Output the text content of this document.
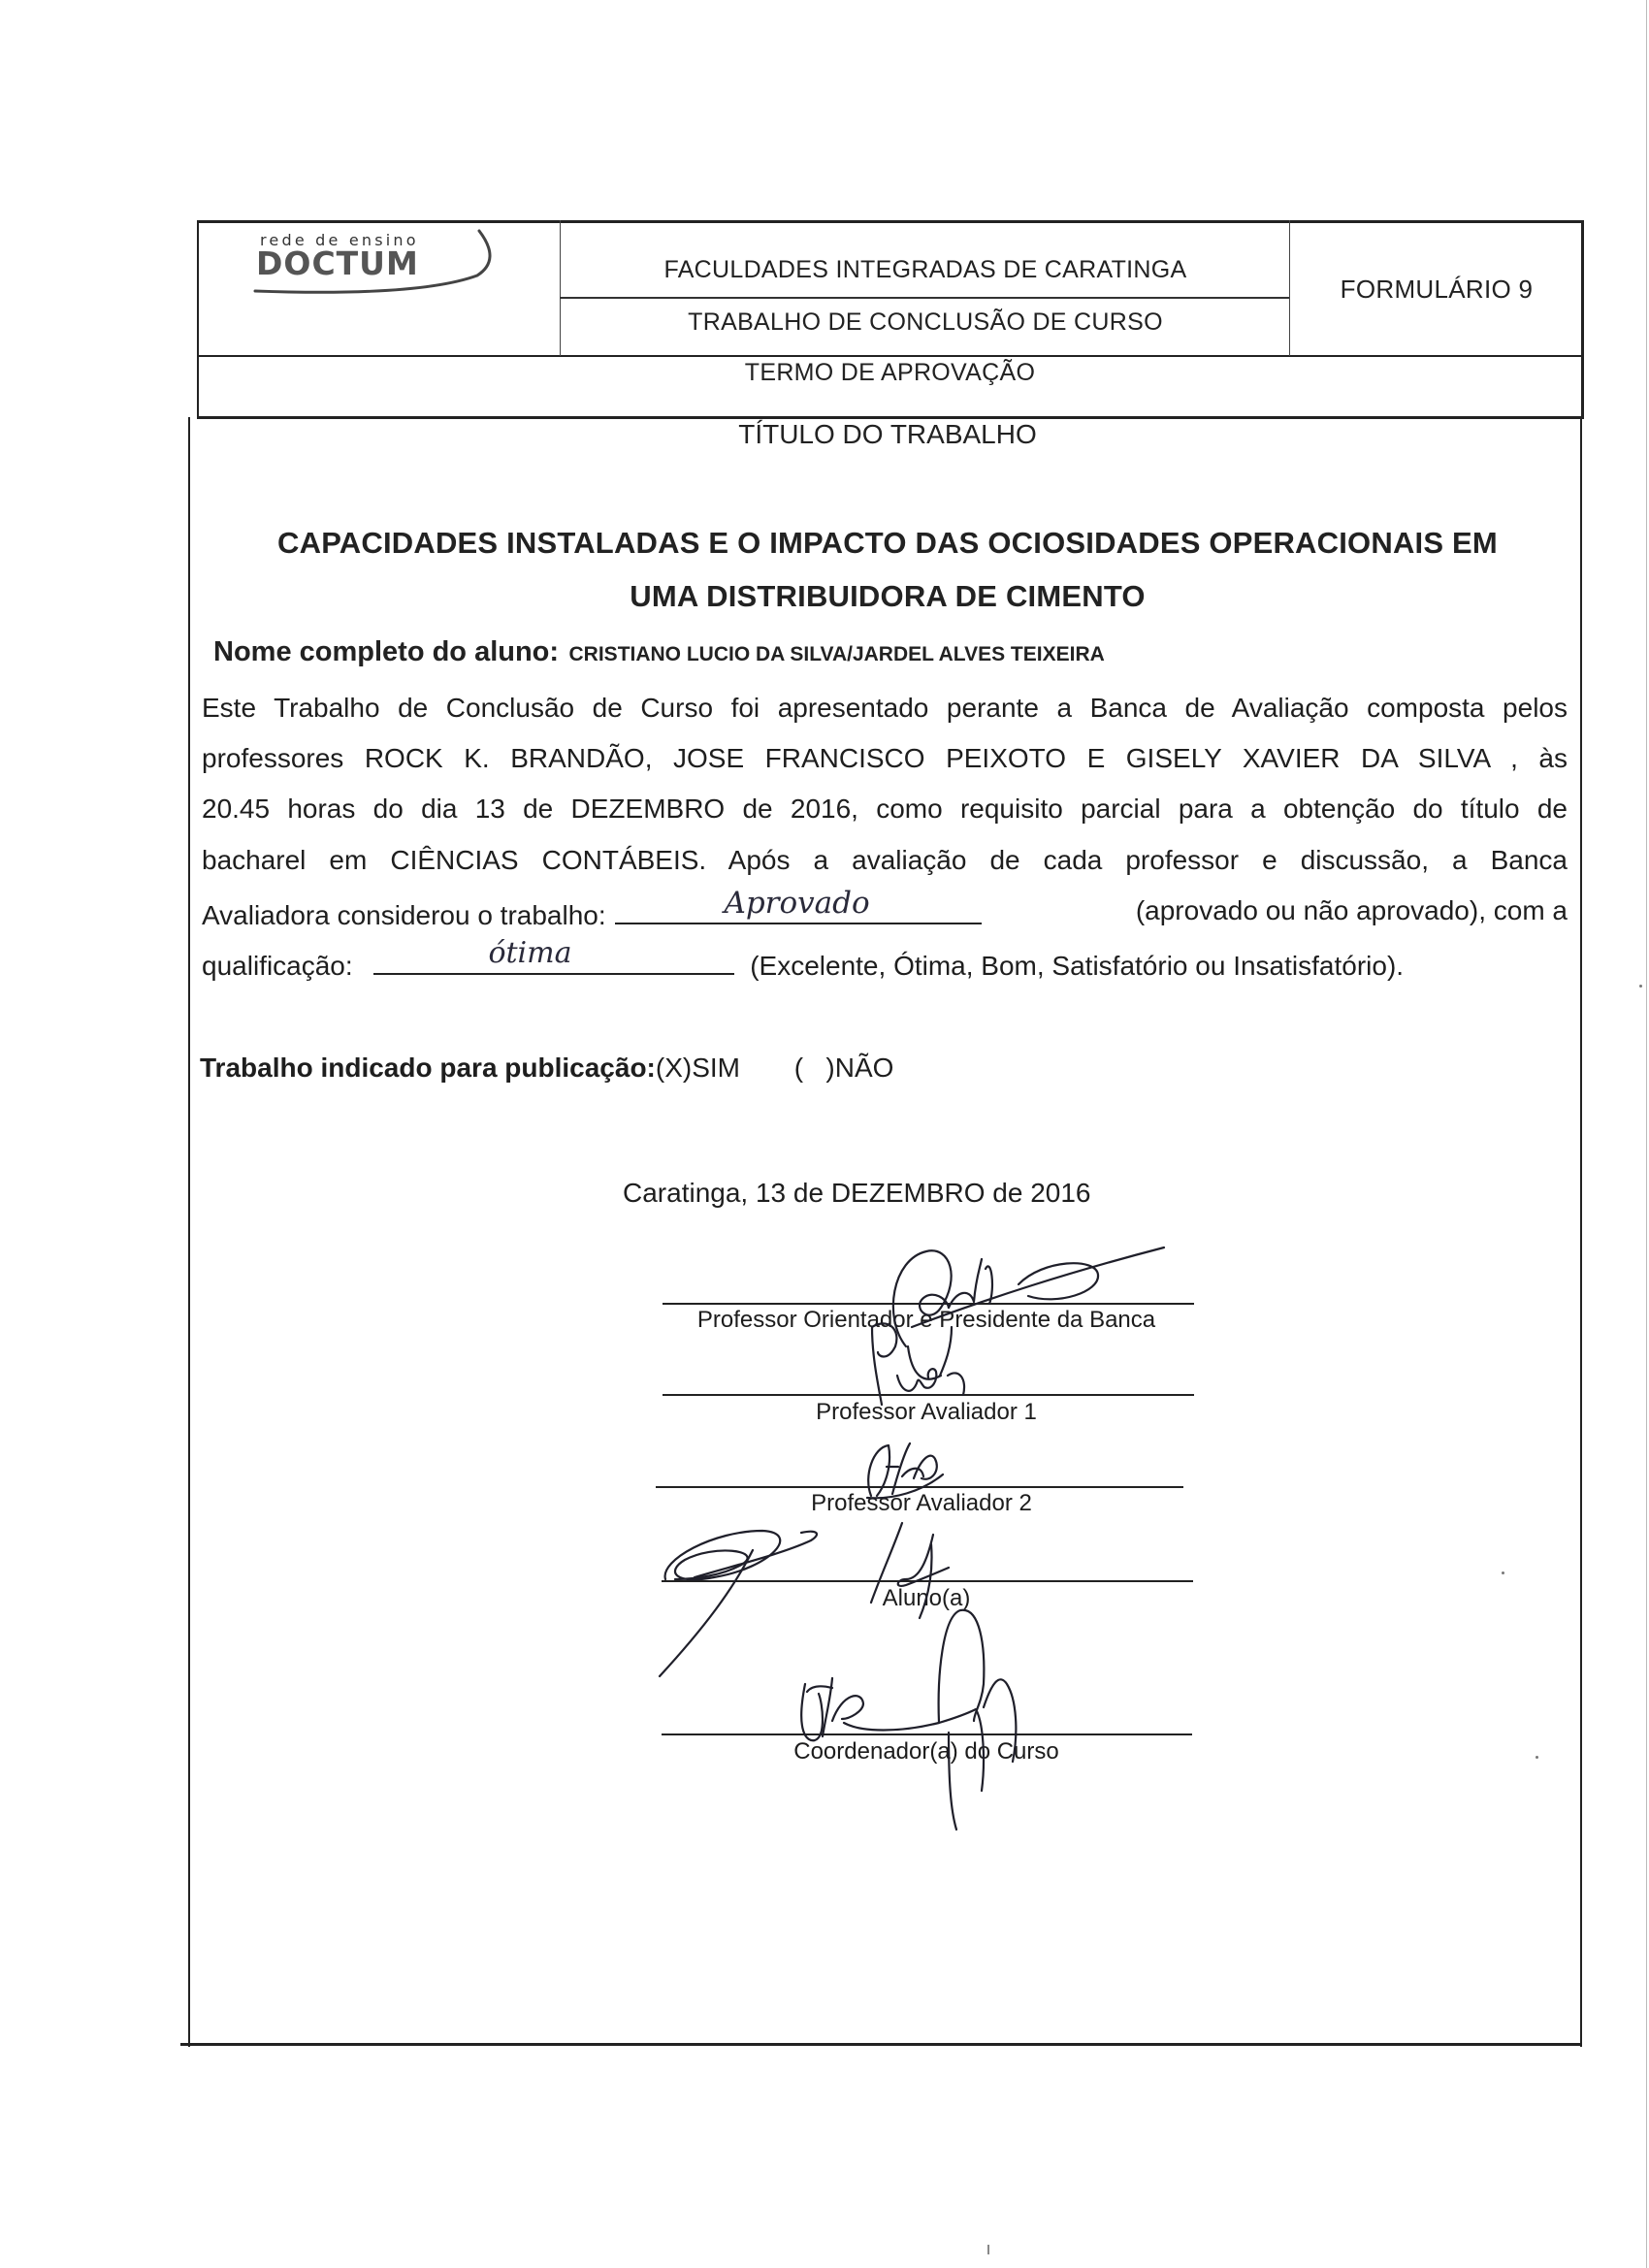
rede de ensino
DOCTUM	FACULDADES INTEGRADAS DE CARATINGA
TRABALHO DE CONCLUSÃO DE CURSO
FORMULÁRIO 9
TERMO DE APROVAÇÃO
TÍTULO DO TRABALHO
CAPACIDADES INSTALADAS E O IMPACTO DAS OCIOSIDADES OPERACIONAIS EM
UMA DISTRIBUIDORA DE CIMENTO
Nome completo do aluno: CRISTIANO LUCIO DA SILVA/JARDEL ALVES TEIXEIRA
Este Trabalho de Conclusão de Curso foi apresentado perante a Banca de Avaliação composta pelos
professores ROCK K. BRANDÃO, JOSE FRANCISCO PEIXOTO E GISELY XAVIER DA SILVA , às
20.45 horas do dia 13 de DEZEMBRO de 2016, como requisito parcial para a obtenção do título de
bacharel em CIÊNCIAS CONTÁBEIS. Após a avaliação de cada professor e discussão, a Banca
Avaliadora considerou o trabalho:	Aprovado	(aprovado ou não aprovado), com a
qualificação:	ótima	(Excelente, Ótima, Bom, Satisfatório ou Insatisfatório).
Trabalho indicado para publicação:(X)SIM (   )NÃO
Caratinga, 13 de DEZEMBRO de 2016
Professor Orientador e Presidente da Banca
Professor Avaliador 1
Professor Avaliador 2
Aluno(a)
Coordenador(a) do Curso
